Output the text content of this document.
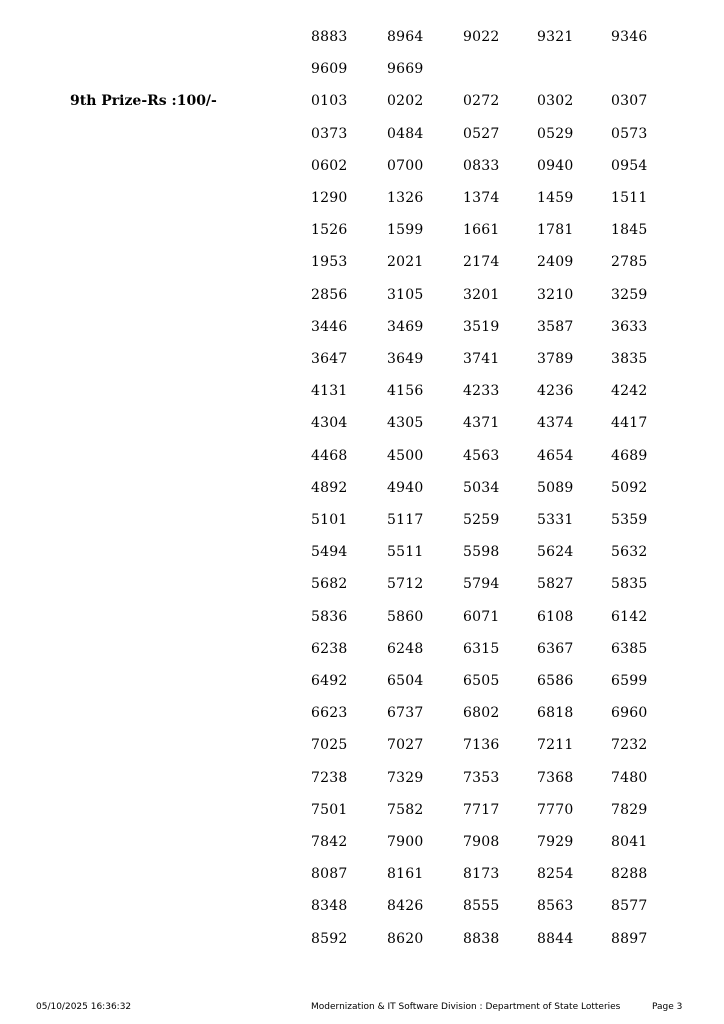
9th Prize-Rs :100/-
8883	8964	9022	9321	9346
9609	9669
0103	0202	0272	0302	0307
0373	0484	0527	0529	0573
0602	0700	0833	0940	0954
1290	1326	1374	1459	1511
1526	1599	1661	1781	1845
1953	2021	2174	2409	2785
2856	3105	3201	3210	3259
3446	3469	3519	3587	3633
3647	3649	3741	3789	3835
4131	4156	4233	4236	4242
4304	4305	4371	4374	4417
4468	4500	4563	4654	4689
4892	4940	5034	5089	5092
5101	5117	5259	5331	5359
5494	5511	5598	5624	5632
5682	5712	5794	5827	5835
5836	5860	6071	6108	6142
6238	6248	6315	6367	6385
6492	6504	6505	6586	6599
6623	6737	6802	6818	6960
7025	7027	7136	7211	7232
7238	7329	7353	7368	7480
7501	7582	7717	7770	7829
7842	7900	7908	7929	8041
8087	8161	8173	8254	8288
8348	8426	8555	8563	8577
8592	8620	8838	8844	8897
05/10/2025 16:36:32	Modernization & IT Software Division : Department of State Lotteries	Page 3
